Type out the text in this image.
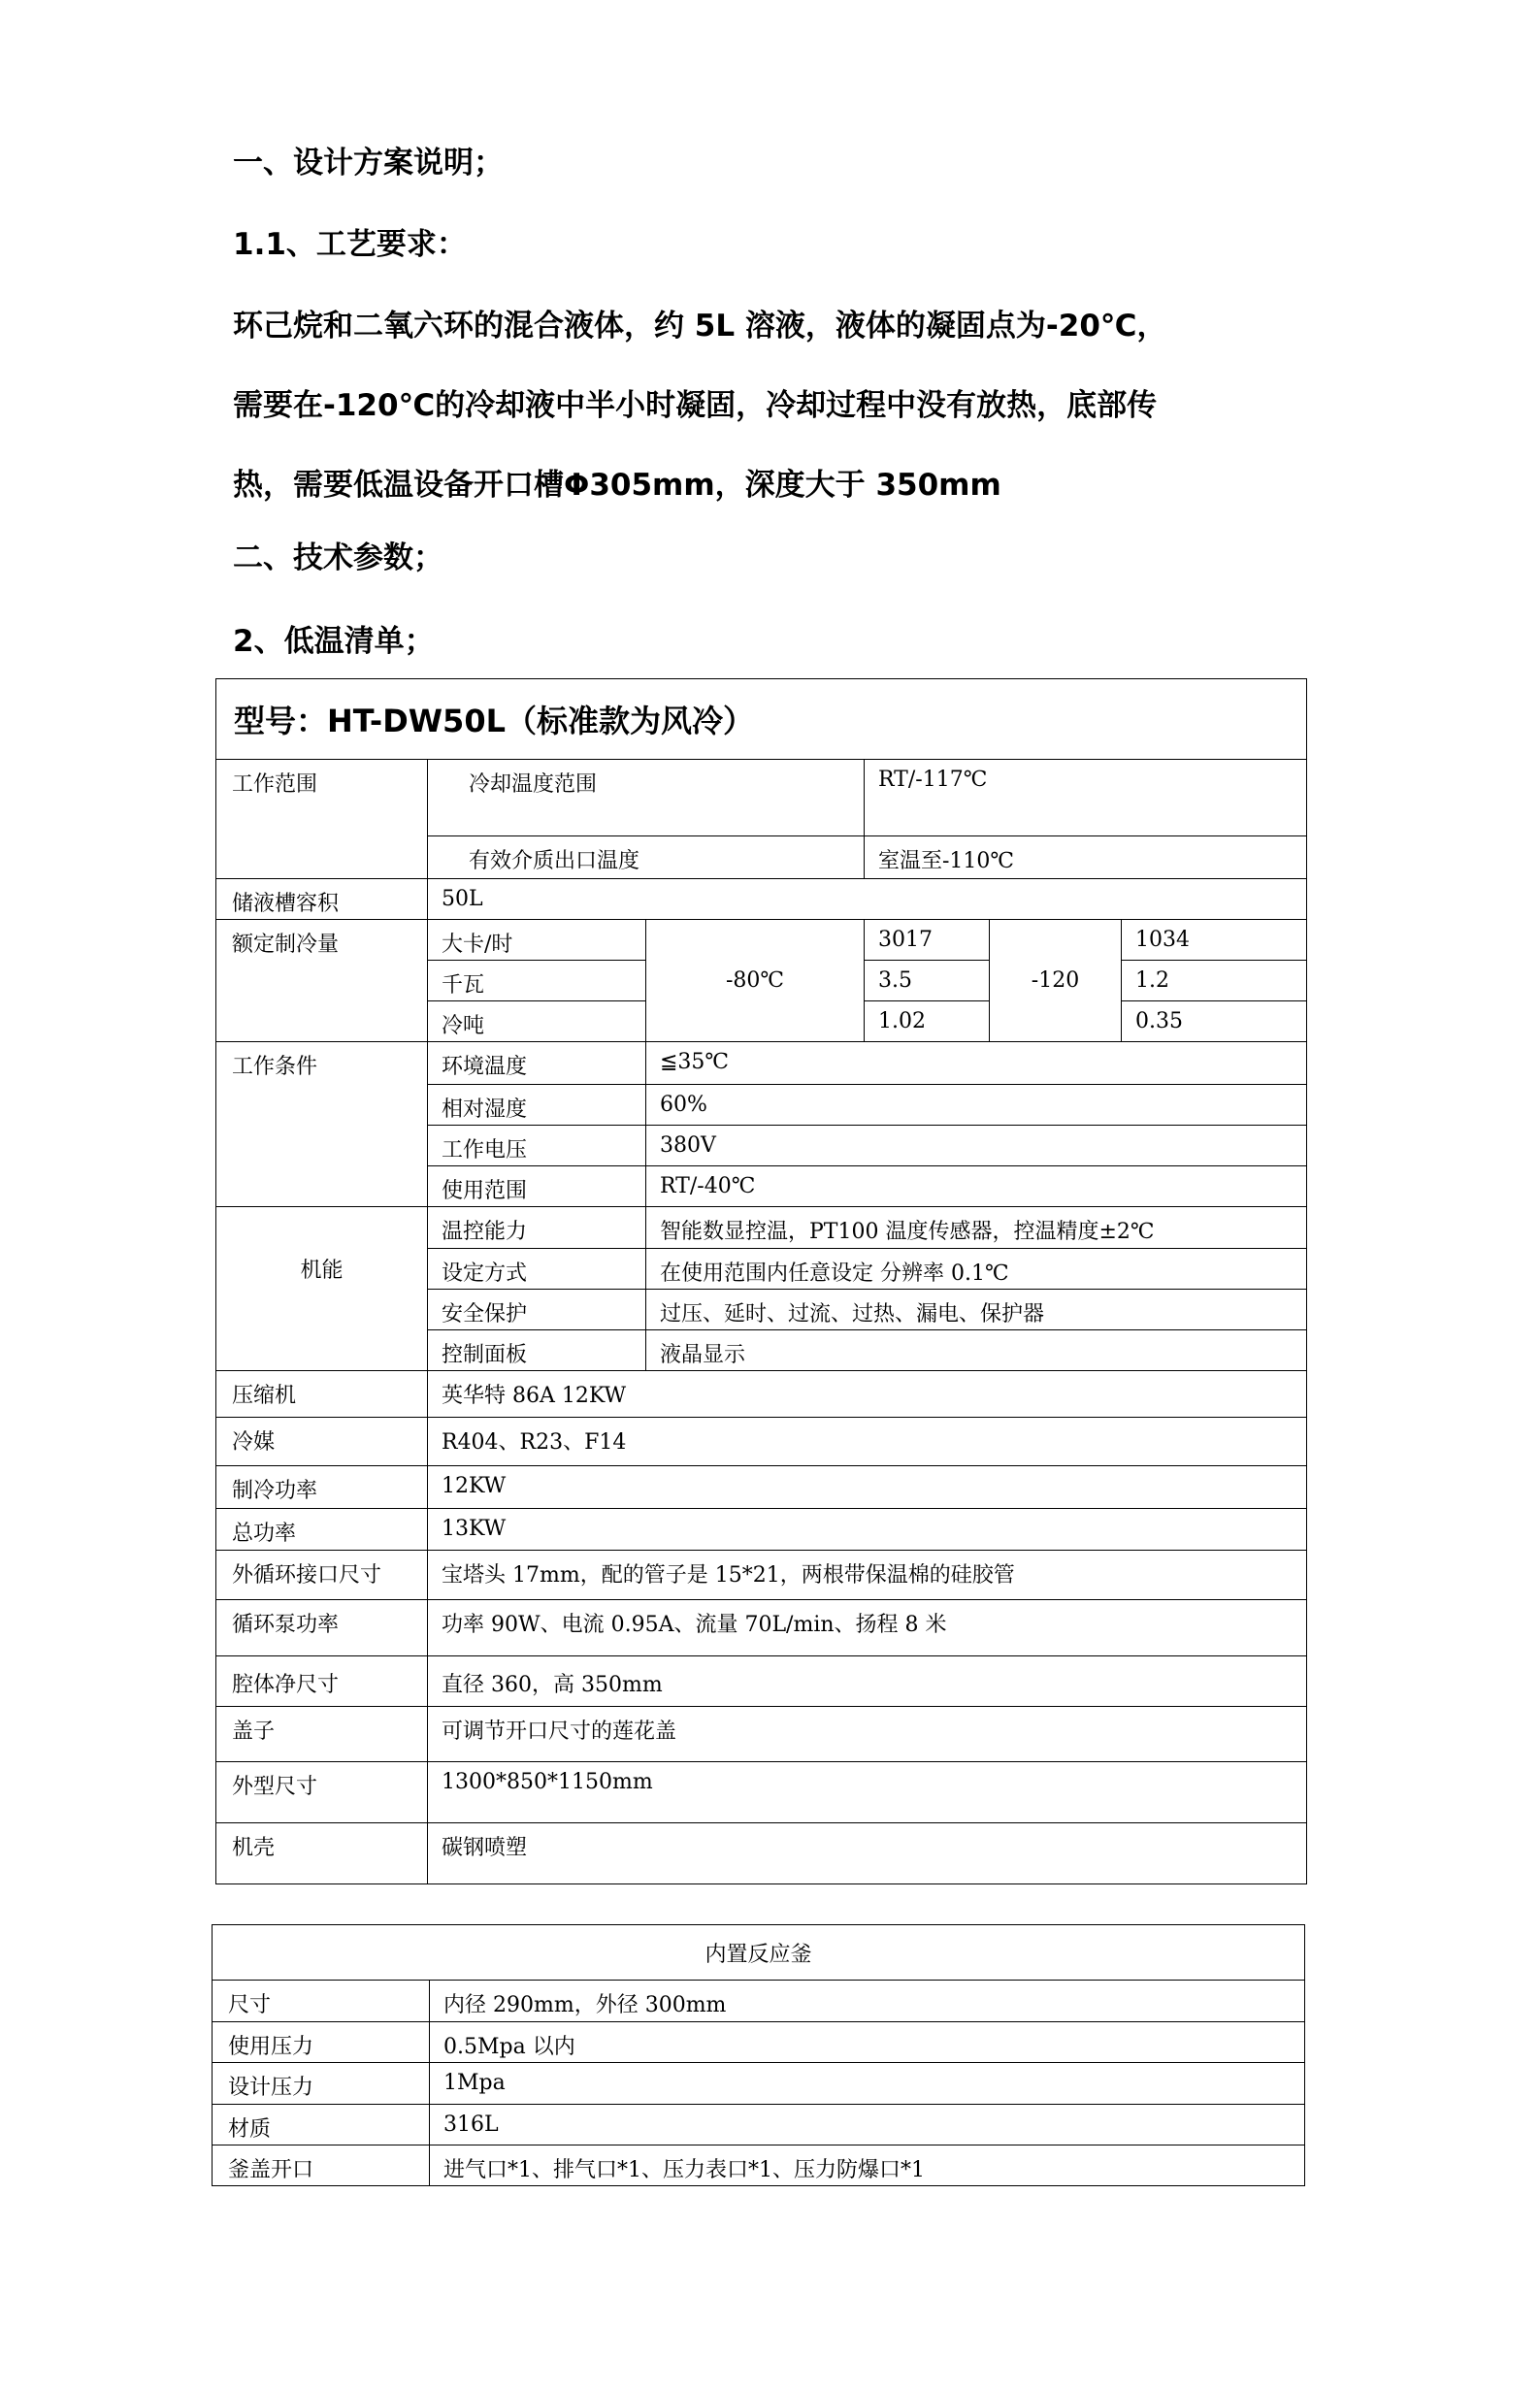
一、设计方案说明；
1.1、工艺要求：
环己烷和二氧六环的混合液体，约 5L 溶液，液体的凝固点为-20℃，
需要在-120℃的冷却液中半小时凝固，冷却过程中没有放热，底部传
热，需要低温设备开口槽Φ305mm，深度大于 350mm
二、技术参数；
2、低温清单；
型号：HT-DW50L（标准款为风冷）					

工作范围	冷却温度范围		RT/-117℃		

	有效介质出口温度		室温至-110℃		

储液槽容积	50L				

额定制冷量	大卡/时	-80℃	3017	-120	1034

	千瓦		3.5		1.2

	冷吨		1.02		0.35

工作条件	环境温度	≦35℃			

	相对湿度	60%			

	工作电压	380V			

	使用范围	RT/-40℃			

机能	温控能力	智能数显控温，PT100 温度传感器，控温精度±2℃			

	设定方式	在使用范围内任意设定 分辨率 0.1℃			

	安全保护	过压、延时、过流、过热、漏电、保护器			

	控制面板	液晶显示			

压缩机	英华特 86A 12KW				

冷媒	R404、R23、F14				

制冷功率	12KW				

总功率	13KW				

外循环接口尺寸	宝塔头 17mm，配的管子是 15*21，两根带保温棉的硅胶管				

循环泵功率	功率 90W、电流 0.95A、流量 70L/min、扬程 8 米				

腔体净尺寸	直径 360，高 350mm				

盖子	可调节开口尺寸的莲花盖				

外型尺寸	1300*850*1150mm				

机壳	碳钢喷塑				
内置反应釜	

尺寸	内径 290mm，外径 300mm

使用压力	0.5Mpa 以内

设计压力	1Mpa

材质	316L

釜盖开口	进气口*1、排气口*1、压力表口*1、压力防爆口*1
